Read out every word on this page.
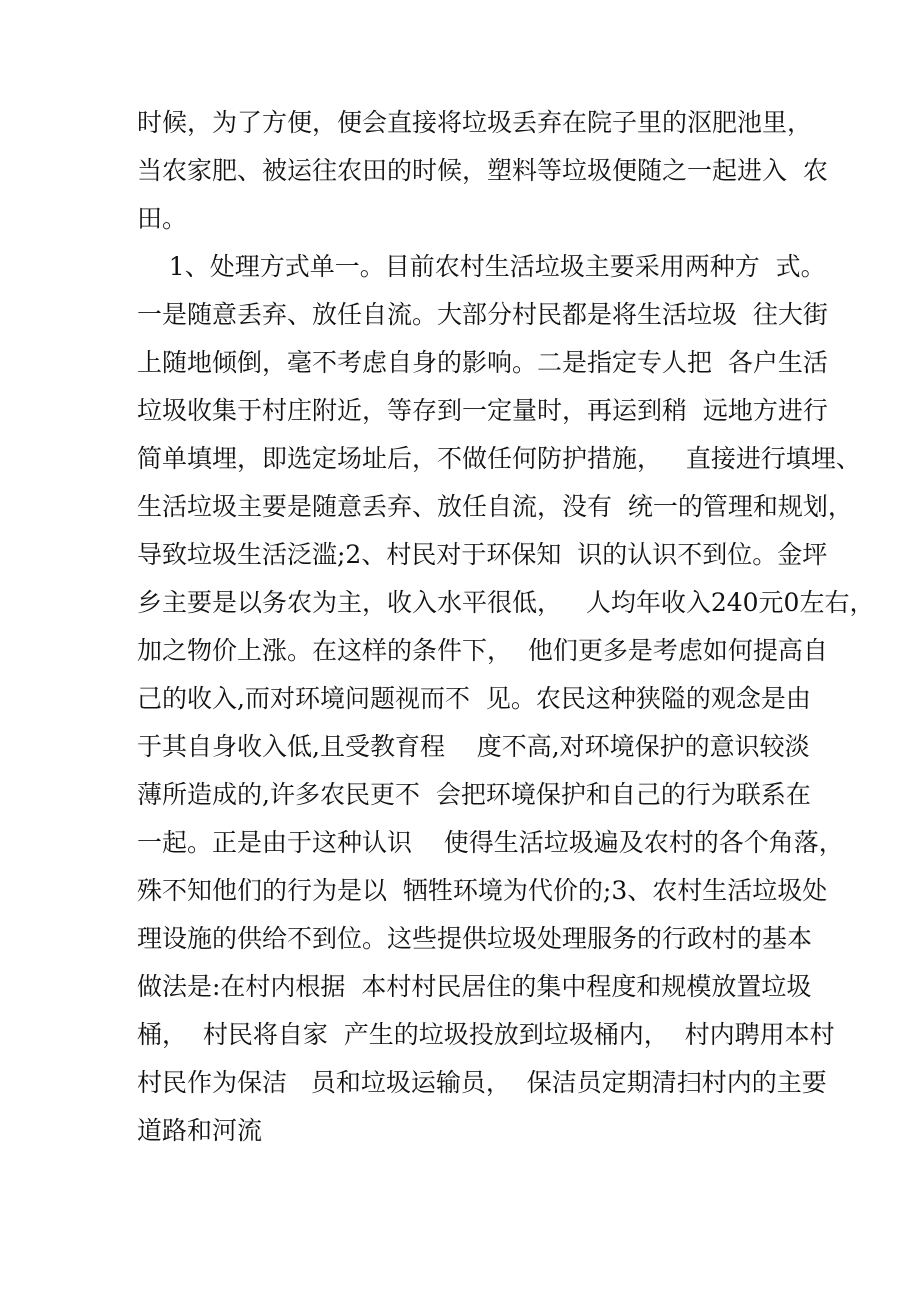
时候，为了方便，便会直接将垃圾丢弃在院子里的沤肥池里，
当农家肥、被运往农田的时候，塑料等垃圾便随之一起进入  农
田。
1、处理方式单一。目前农村生活垃圾主要采用两种方  式。
一是随意丢弃、放任自流。大部分村民都是将生活垃圾  往大街
上随地倾倒，毫不考虑自身的影响。二是指定专人把  各户生活
垃圾收集于村庄附近，等存到一定量时，再运到稍  远地方进行
简单填埋，即选定场址后，不做任何防护措施，   直接进行填埋、
生活垃圾主要是随意丢弃、放任自流，没有  统一的管理和规划，
导致垃圾生活泛滥;2、村民对于环保知  识的认识不到位。金坪
乡主要是以务农为主，收入水平很低，   人均年收入240元0左右，
加之物价上涨。在这样的条件下，  他们更多是考虑如何提高自
己的收入,而对环境问题视而不  见。农民这种狭隘的观念是由
于其自身收入低,且受教育程    度不高,对环境保护的意识较淡
薄所造成的,许多农民更不  会把环境保护和自己的行为联系在
一起。正是由于这种认识    使得生活垃圾遍及农村的各个角落，
殊不知他们的行为是以  牺牲环境为代价的;3、农村生活垃圾处
理设施的供给不到位。这些提供垃圾处理服务的行政村的基本
做法是:在村内根据  本村村民居住的集中程度和规模放置垃圾
桶，  村民将自家  产生的垃圾投放到垃圾桶内，  村内聘用本村
村民作为保洁   员和垃圾运输员，  保洁员定期清扫村内的主要
道路和河流
